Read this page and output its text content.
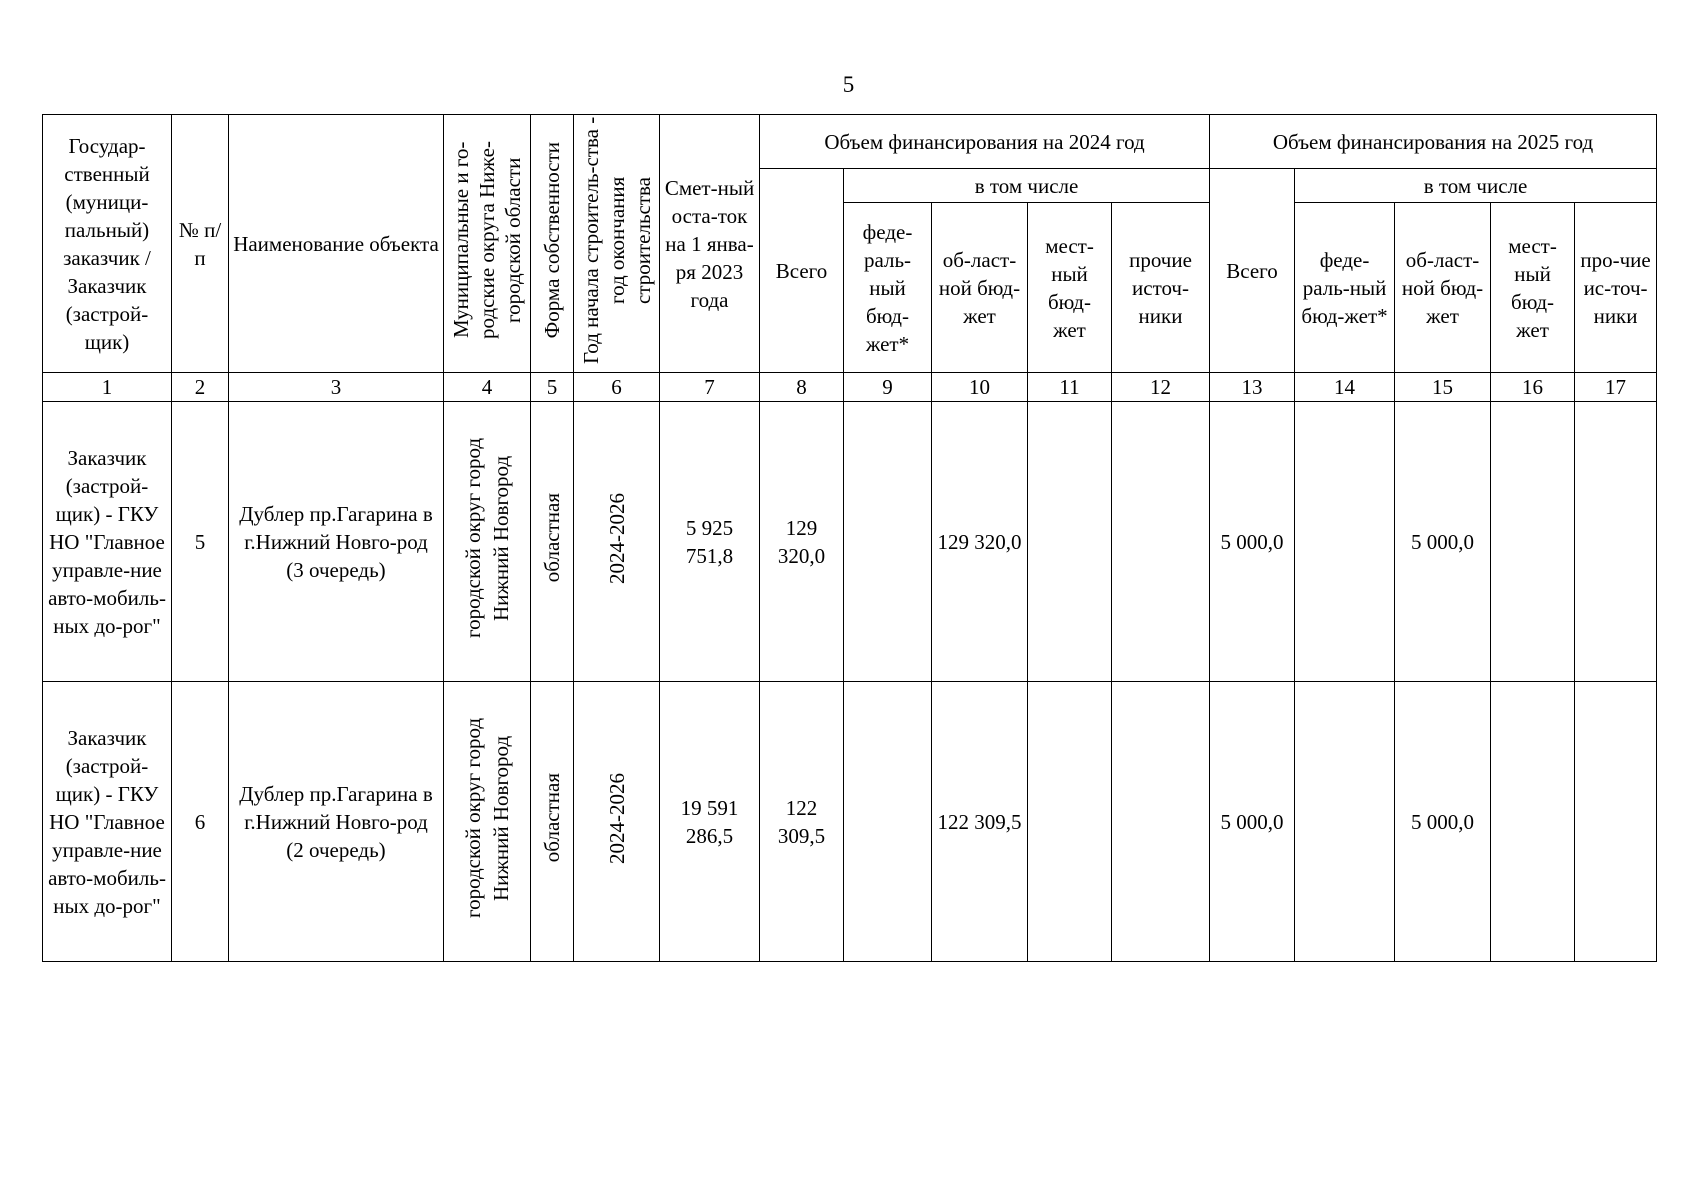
5
Государ-ственный (муници-пальный) заказчик / Заказчик (застрой-щик)	№ п/п	Наименование объекта	Муниципальные и го-родские округа Ниже-городской области	Форма собственности	Год начала строитель-ства - год окончания строительства	Смет-ный оста-ток на 1 янва-ря 2023 года	Объем финансирования на 2024 год					Объем финансирования на 2025 год				
							Всего	в том числе				Всего	в том числе			
								феде-раль-ный бюд-жет*	об-ласт-ной бюд-жет	мест-ный бюд-жет	прочие источ-ники		феде-раль-ный бюд-жет*	об-ласт-ной бюд-жет	мест-ный бюд-жет	про-чие ис-точ-ники
1	2	3	4	5	6	7	8	9	10	11	12	13	14	15	16	17
Заказчик (застрой-щик) - ГКУ НО "Главное управле-ние авто-мобиль-ных до-рог"	5	Дублер пр.Гагарина в г.Нижний Новго-род (3 очередь)	городской округ город Нижний Новгород	областная	2024-2026	5 925 751,8	129 320,0		129 320,0			5 000,0		5 000,0		
Заказчик (застрой-щик) - ГКУ НО "Главное управле-ние авто-мобиль-ных до-рог"	6	Дублер пр.Гагарина в г.Нижний Новго-род (2 очередь)	городской округ город Нижний Новгород	областная	2024-2026	19 591 286,5	122 309,5		122 309,5			5 000,0		5 000,0		
